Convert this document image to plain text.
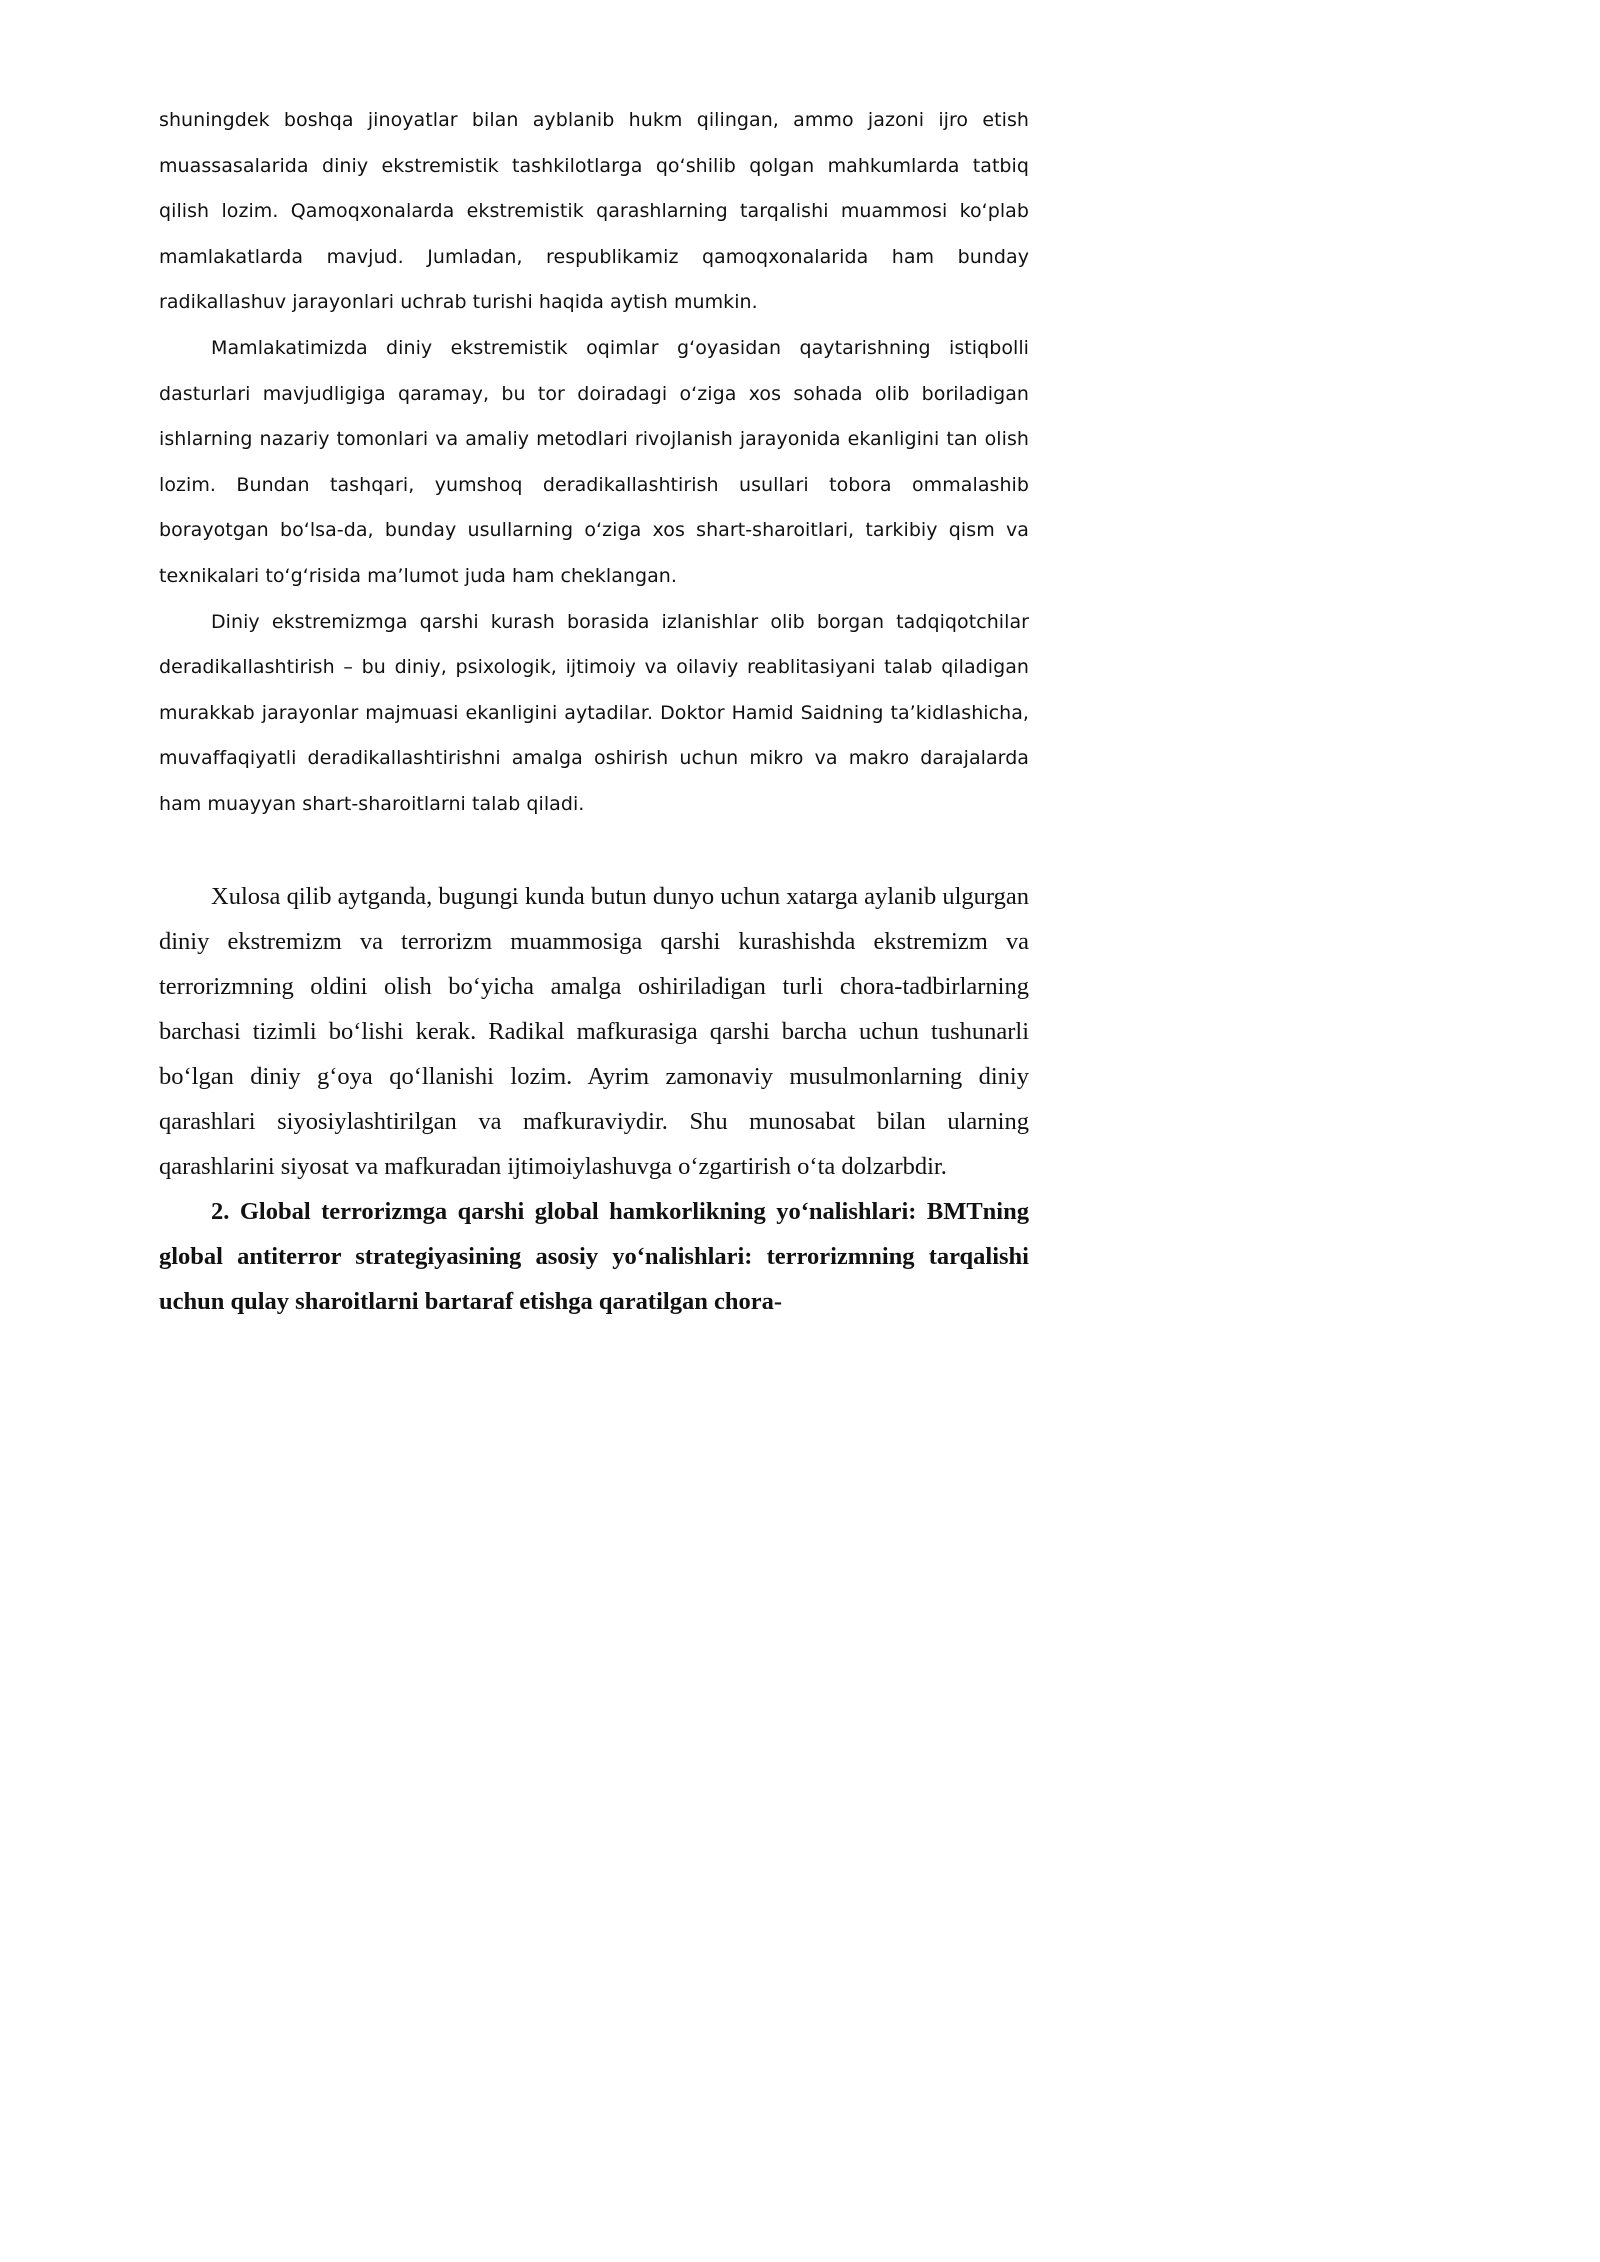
shuningdek boshqa jinoyatlar bilan ayblanib hukm qilingan, ammo jazoni ijro etish muassasalarida diniy ekstremistik tashkilotlarga qo‘shilib qolgan mahkumlarda tatbiq qilish lozim. Qamoqxonalarda ekstremistik qarashlarning tarqalishi muammosi ko‘plab mamlakatlarda mavjud. Jumladan, respublikamiz qamoqxonalarida ham bunday radikallashuv jarayonlari uchrab turishi haqida aytish mumkin.

Mamlakatimizda diniy ekstremistik oqimlar g‘oyasidan qaytarishning istiqbolli dasturlari mavjudligiga qaramay, bu tor doiradagi o‘ziga xos sohada olib boriladigan ishlarning nazariy tomonlari va amaliy metodlari rivojlanish jarayonida ekanligini tan olish lozim. Bundan tashqari, yumshoq deradikallashtirish usullari tobora ommalashib borayotgan bo‘lsa-da, bunday usullarning o‘ziga xos shart-sharoitlari, tarkibiy qism va texnikalari to‘g‘risida ma’lumot juda ham cheklangan.

Diniy ekstremizmga qarshi kurash borasida izlanishlar olib borgan tadqiqotchilar deradikallashtirish – bu diniy, psixologik, ijtimoiy va oilaviy reablitasiyani talab qiladigan murakkab jarayonlar majmuasi ekanligini aytadilar. Doktor Hamid Saidning ta’kidlashicha, muvaffaqiyatli deradikallashtirishni amalga oshirish uchun mikro va makro darajalarda ham muayyan shart-sharoitlarni talab qiladi.

Xulosa qilib aytganda, bugungi kunda butun dunyo uchun xatarga aylanib ulgurgan diniy ekstremizm va terrorizm muammosiga qarshi kurashishda ekstremizm va terrorizmning oldini olish bo‘yicha amalga oshiriladigan turli chora-tadbirlarning barchasi tizimli bo‘lishi kerak. Radikal mafkurasiga qarshi barcha uchun tushunarli bo‘lgan diniy g‘oya qo‘llanishi lozim. Ayrim zamonaviy musulmonlarning diniy qarashlari siyosiylashtirilgan va mafkuraviydir. Shu munosabat bilan ularning qarashlarini siyosat va mafkuradan ijtimoiylashuvga o‘zgartirish o‘ta dolzarbdir.

2. Global terrorizmga qarshi global hamkorlikning yo‘nalishlari: BMTning global antiterror strategiyasining asosiy yo‘nalishlari: terrorizmning tarqalishi uchun qulay sharoitlarni bartaraf etishga qaratilgan chora-
